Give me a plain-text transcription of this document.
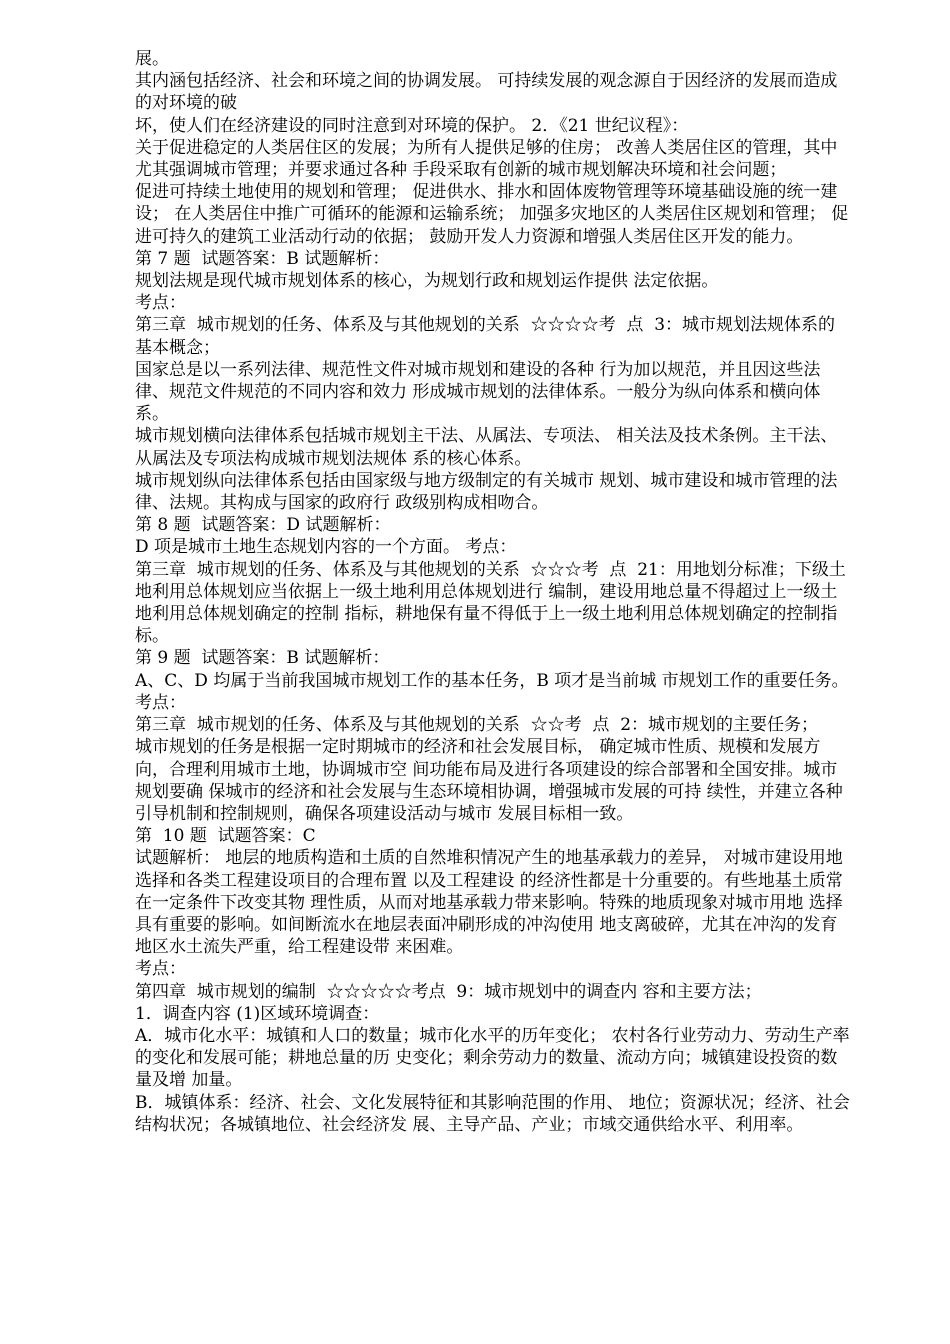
展。

其内涵包括经济、社会和环境之间的协调发展。 可持续发展的观念源自于因经济的发展而造成的对环境的破

坏，使人们在经济建设的同时注意到对环境的保护。 2．《21 世纪议程》：

关于促进稳定的人类居住区的发展；为所有人提供足够的住房； 改善人类居住区的管理，其中尤其强调城市管理；并要求通过各种 手段采取有创新的城市规划解决环境和社会问题；

促进可持续土地使用的规划和管理； 促进供水、排水和固体废物管理等环境基础设施的统一建设； 在人类居住中推广可循环的能源和运输系统； 加强多灾地区的人类居住区规划和管理； 促进可持久的建筑工业活动行动的依据； 鼓励开发人力资源和增强人类居住区开发的能力。

第 7 题  试题答案：B 试题解析：

规划法规是现代城市规划体系的核心，为规划行政和规划运作提供 法定依据。

考点：

第三章  城市规划的任务、体系及与其他规划的关系  ☆☆☆☆考  点  3：城市规划法规体系的基本概念；

国家总是以一系列法律、规范性文件对城市规划和建设的各种 行为加以规范，并且因这些法律、规范文件规范的不同内容和效力 形成城市规划的法律体系。一般分为纵向体系和横向体系。

城市规划横向法律体系包括城市规划主干法、从属法、专项法、 相关法及技术条例。主干法、从属法及专项法构成城市规划法规体 系的核心体系。

城市规划纵向法律体系包括由国家级与地方级制定的有关城市 规划、城市建设和城市管理的法律、法规。其构成与国家的政府行 政级别构成相吻合。

第 8 题  试题答案：D 试题解析：

D 项是城市土地生态规划内容的一个方面。 考点：

第三章  城市规划的任务、体系及与其他规划的关系  ☆☆☆考  点  21：用地划分标准；下级土地利用总体规划应当依据上一级土地利用总体规划进行 编制，建设用地总量不得超过上一级土地利用总体规划确定的控制 指标，耕地保有量不得低于上一级土地利用总体规划确定的控制指 标。

第 9 题  试题答案：B 试题解析：

A、C、D 均属于当前我国城市规划工作的基本任务，B 项才是当前城 市规划工作的重要任务。

考点：

第三章  城市规划的任务、体系及与其他规划的关系  ☆☆考  点  2：城市规划的主要任务；

城市规划的任务是根据一定时期城市的经济和社会发展目标， 确定城市性质、规模和发展方向，合理利用城市土地，协调城市空 间功能布局及进行各项建设的综合部署和全国安排。城市规划要确 保城市的经济和社会发展与生态环境相协调，增强城市发展的可持 续性，并建立各种引导机制和控制规则，确保各项建设活动与城市 发展目标相一致。

第  10 题  试题答案：C

试题解析： 地层的地质构造和土质的自然堆积情况产生的地基承载力的差异， 对城市建设用地选择和各类工程建设项目的合理布置 以及工程建设 的经济性都是十分重要的。有些地基土质常在一定条件下改变其物 理性质，从而对地基承载力带来影响。特殊的地质现象对城市用地 选择具有重要的影响。如间断流水在地层表面冲刷形成的冲沟使用 地支离破碎，尤其在冲沟的发育地区水土流失严重，给工程建设带 来困难。

考点：

第四章  城市规划的编制  ☆☆☆☆☆考点  9：城市规划中的调查内 容和主要方法；

1．调查内容 (1)区域环境调查：

A．城市化水平：城镇和人口的数量；城市化水平的历年变化； 农村各行业劳动力、劳动生产率的变化和发展可能；耕地总量的历 史变化；剩余劳动力的数量、流动方向；城镇建设投资的数量及增 加量。

B．城镇体系：经济、社会、文化发展特征和其影响范围的作用、 地位；资源状况；经济、社会结构状况；各城镇地位、社会经济发 展、主导产品、产业；市域交通供给水平、利用率。
